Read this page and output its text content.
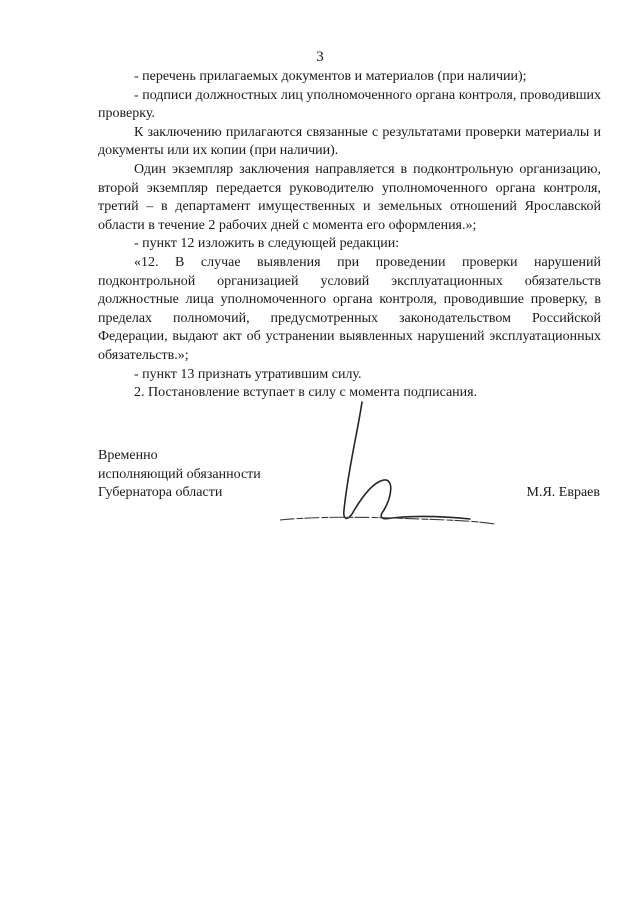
3

- перечень прилагаемых документов и материалов (при наличии);

- подписи должностных лиц уполномоченного органа контроля, проводивших проверку.

К заключению прилагаются связанные с результатами проверки материалы и документы или их копии (при наличии).

Один экземпляр заключения направляется в подконтрольную организацию, второй экземпляр передается руководителю уполномоченного органа контроля, третий – в департамент имущественных и земельных отношений Ярославской области в течение 2 рабочих дней с момента его оформления.»;

- пункт 12 изложить в следующей редакции:

«12. В случае выявления при проведении проверки нарушений подконтрольной организацией условий эксплуатационных обязательств должностные лица уполномоченного органа контроля, проводившие проверку, в пределах полномочий, предусмотренных законодательством Российской Федерации, выдают акт об устранении выявленных нарушений эксплуатационных обязательств.»;

- пункт 13 признать утратившим силу.

2. Постановление вступает в силу с момента подписания.

Временно
исполняющий обязанности
Губернатора области	М.Я. Евраев
